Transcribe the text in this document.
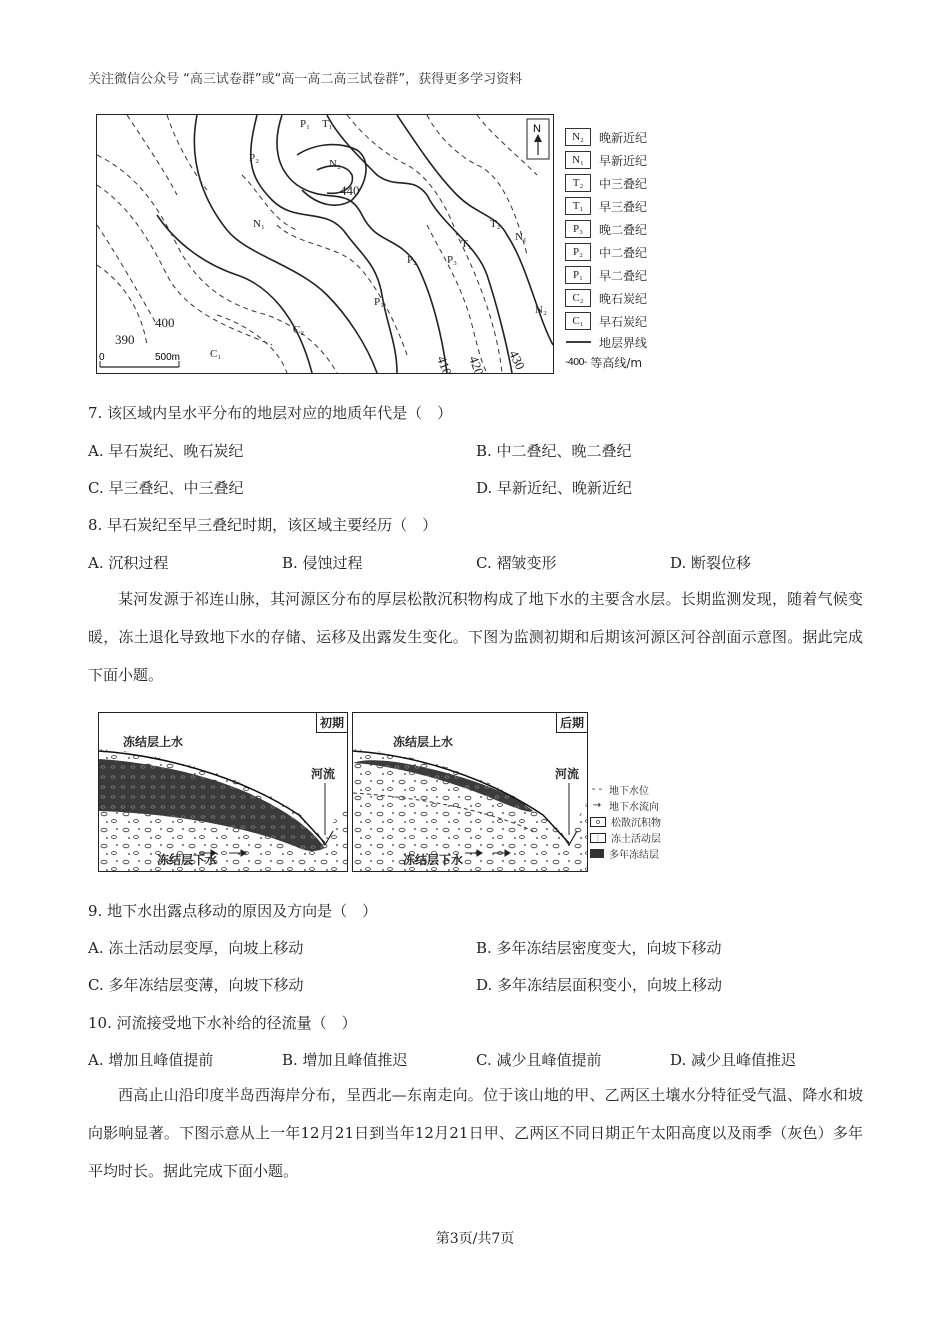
关注微信公众号 “高三试卷群”或“高一高二高三试卷群”，获得更多学习资料
390
400
410 420 430
440
P₁ T₁
P₂	N₂
N₁	T₂
N₁
T₁
P₂	P₃
P₁
C₂
C₁
N₂
N
0	500m
N₂	晚新近纪
N₁	早新近纪
T₂	中三叠纪
T₁	早三叠纪
P₃	晚二叠纪
P₂	中二叠纪
P₁	早二叠纪
C₂	晚石炭纪
C₁	早石炭纪
地层界线
-400- 等高线/m
7. 该区域内呈水平分布的地层对应的地质年代是（　）
A. 早石炭纪、晚石炭纪	B. 中二叠纪、晚二叠纪
C. 早三叠纪、中三叠纪	D. 早新近纪、晚新近纪
8. 早石炭纪至早三叠纪时期，该区域主要经历（　）
A. 沉积过程	B. 侵蚀过程	C. 褶皱变形	D. 断裂位移
某河发源于祁连山脉，其河源区分布的厚层松散沉积物构成了地下水的主要含水层。长期监测发现，随着气候变暖，冻土退化导致地下水的存储、运移及出露发生变化。下图为监测初期和后期该河源区河谷剖面示意图。据此完成下面小题。
初期
冻结层上水
河流
冻结层下水
后期
冻结层上水
河流
冻结层下水
- - 地下水位
→ 地下水流向
o	松散沉积物
⋮ 冻土活动层
多年冻结层
9. 地下水出露点移动的原因及方向是（　）
A. 冻土活动层变厚，向坡上移动	B. 多年冻结层密度变大，向坡下移动
C. 多年冻结层变薄，向坡下移动	D. 多年冻结层面积变小，向坡上移动
10. 河流接受地下水补给的径流量（　）
A. 增加且峰值提前	B. 增加且峰值推迟	C. 减少且峰值提前	D. 减少且峰值推迟
西高止山沿印度半岛西海岸分布，呈西北—东南走向。位于该山地的甲、乙两区土壤水分特征受气温、降水和坡向影响显著。下图示意从上一年12月21日到当年12月21日甲、乙两区不同日期正午太阳高度以及雨季（灰色）多年平均时长。据此完成下面小题。
第3页/共7页
